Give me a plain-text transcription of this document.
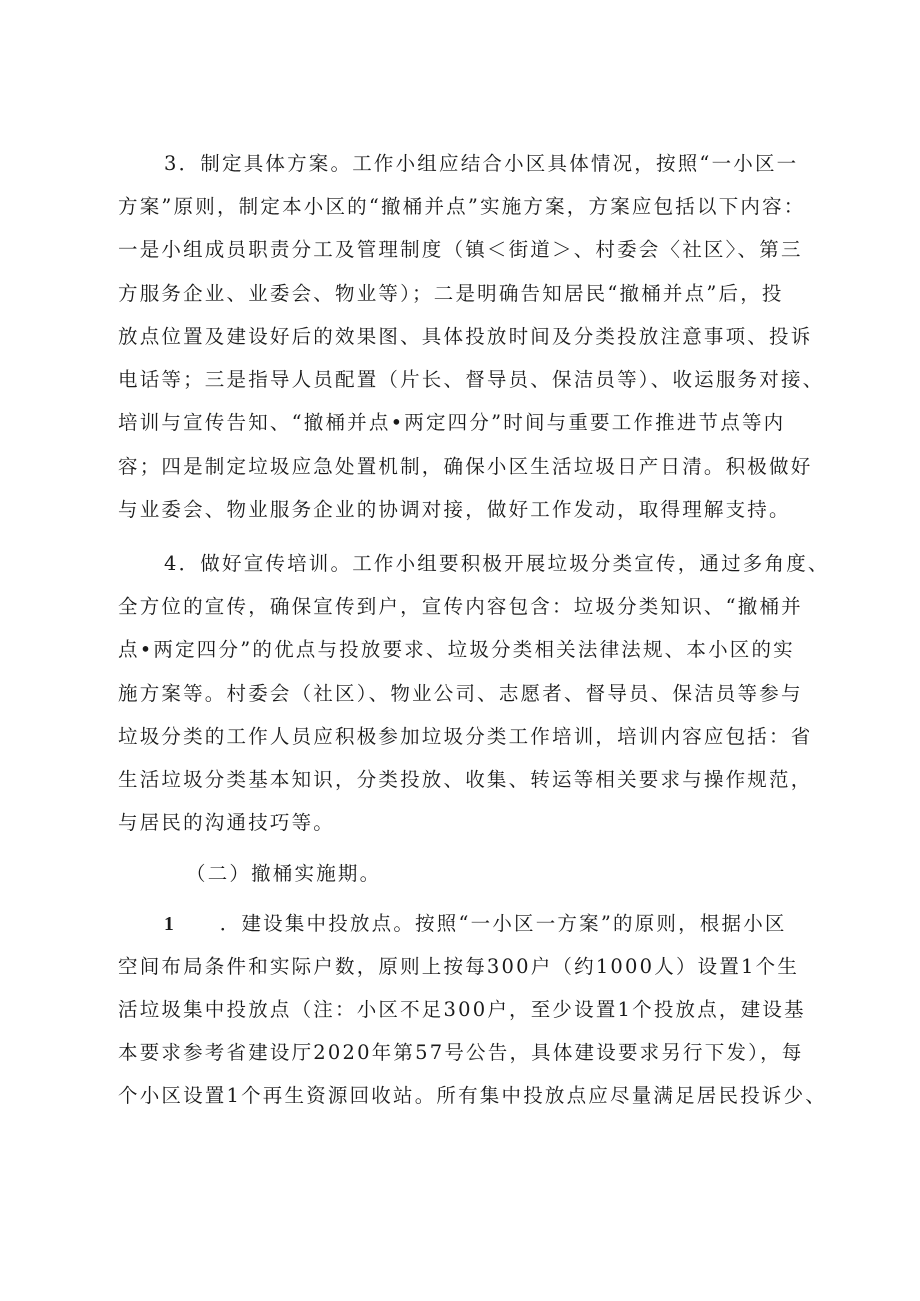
3．制定具体方案。工作小组应结合小区具体情况，按照“一小区一
方案”原则，制定本小区的“撤桶并点”实施方案，方案应包括以下内容：
一是小组成员职责分工及管理制度（镇＜街道＞、村委会〈社区〉、第三
方服务企业、业委会、物业等）；二是明确告知居民“撤桶并点”后，投
放点位置及建设好后的效果图、具体投放时间及分类投放注意事项、投诉
电话等；三是指导人员配置（片长、督导员、保洁员等）、收运服务对接、
培训与宣传告知、“撤桶并点•两定四分”时间与重要工作推进节点等内
容；四是制定垃圾应急处置机制，确保小区生活垃圾日产日清。积极做好
与业委会、物业服务企业的协调对接，做好工作发动，取得理解支持。
4．做好宣传培训。工作小组要积极开展垃圾分类宣传，通过多角度、
全方位的宣传，确保宣传到户，宣传内容包含：垃圾分类知识、“撤桶并
点•两定四分”的优点与投放要求、垃圾分类相关法律法规、本小区的实
施方案等。村委会（社区）、物业公司、志愿者、督导员、保洁员等参与
垃圾分类的工作人员应积极参加垃圾分类工作培训，培训内容应包括：省
生活垃圾分类基本知识，分类投放、收集、转运等相关要求与操作规范，
与居民的沟通技巧等。
（二）撤桶实施期。
1 ．建设集中投放点。按照“一小区一方案”的原则，根据小区
空间布局条件和实际户数，原则上按每300户（约1000人）设置1个生
活垃圾集中投放点（注：小区不足300户，至少设置1个投放点，建设基
本要求参考省建设厅2020年第57号公告，具体建设要求另行下发），每
个小区设置1个再生资源回收站。所有集中投放点应尽量满足居民投诉少、
